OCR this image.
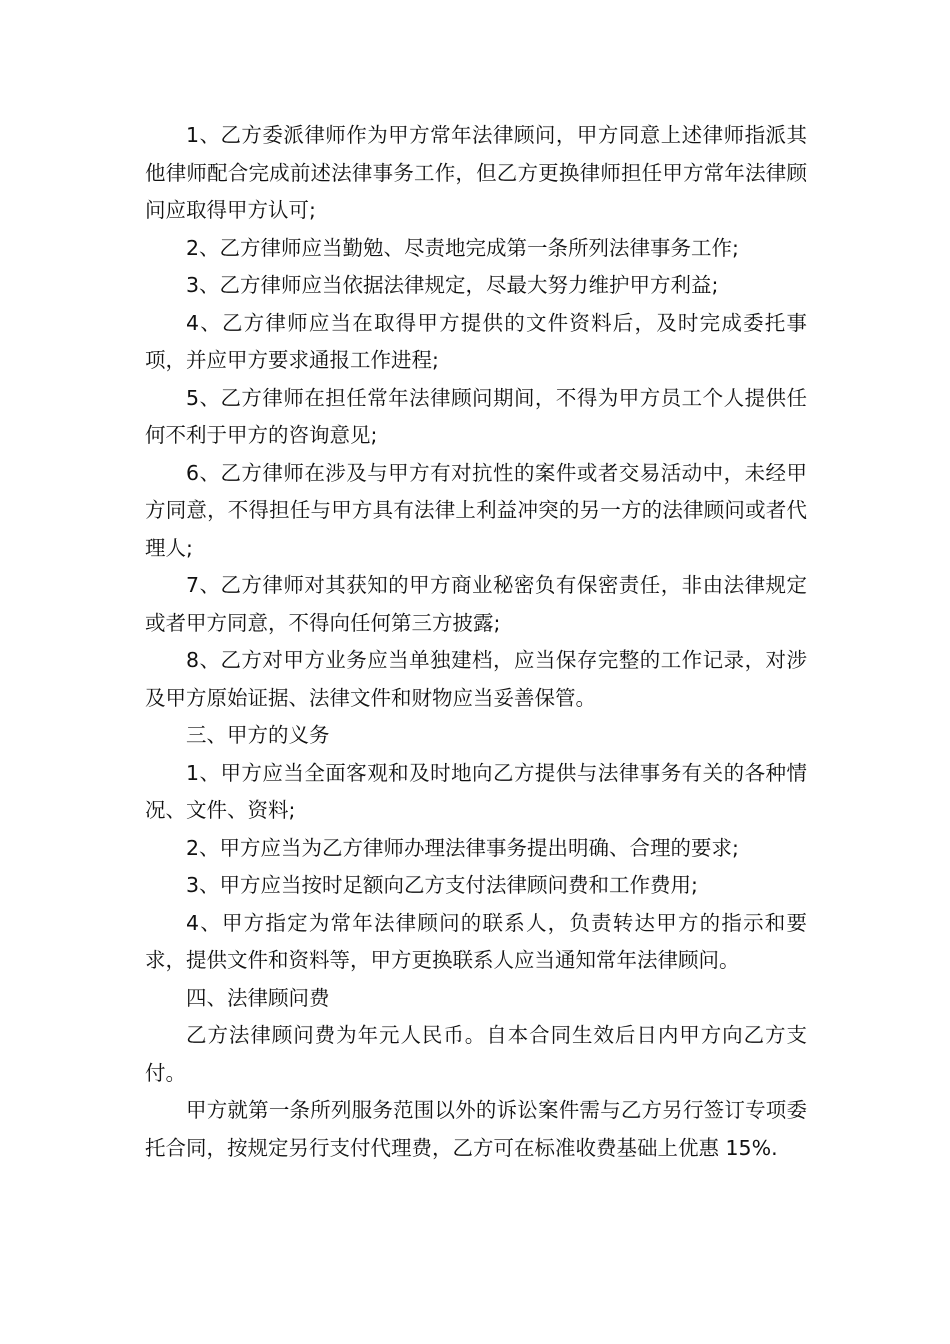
1、乙方委派律师作为甲方常年法律顾问，甲方同意上述律师指派其他律师配合完成前述法律事务工作，但乙方更换律师担任甲方常年法律顾问应取得甲方认可;

2、乙方律师应当勤勉、尽责地完成第一条所列法律事务工作;

3、乙方律师应当依据法律规定，尽最大努力维护甲方利益;

4、乙方律师应当在取得甲方提供的文件资料后，及时完成委托事项，并应甲方要求通报工作进程;

5、乙方律师在担任常年法律顾问期间，不得为甲方员工个人提供任何不利于甲方的咨询意见;

6、乙方律师在涉及与甲方有对抗性的案件或者交易活动中，未经甲方同意，不得担任与甲方具有法律上利益冲突的另一方的法律顾问或者代理人;

7、乙方律师对其获知的甲方商业秘密负有保密责任，非由法律规定或者甲方同意，不得向任何第三方披露;

8、乙方对甲方业务应当单独建档，应当保存完整的工作记录，对涉及甲方原始证据、法律文件和财物应当妥善保管。

三、甲方的义务

1、甲方应当全面客观和及时地向乙方提供与法律事务有关的各种情况、文件、资料;

2、甲方应当为乙方律师办理法律事务提出明确、合理的要求;

3、甲方应当按时足额向乙方支付法律顾问费和工作费用;

4、甲方指定为常年法律顾问的联系人，负责转达甲方的指示和要求，提供文件和资料等，甲方更换联系人应当通知常年法律顾问。

四、法律顾问费

乙方法律顾问费为年元人民币。自本合同生效后日内甲方向乙方支付。

甲方就第一条所列服务范围以外的诉讼案件需与乙方另行签订专项委托合同，按规定另行支付代理费，乙方可在标准收费基础上优惠 15%.
